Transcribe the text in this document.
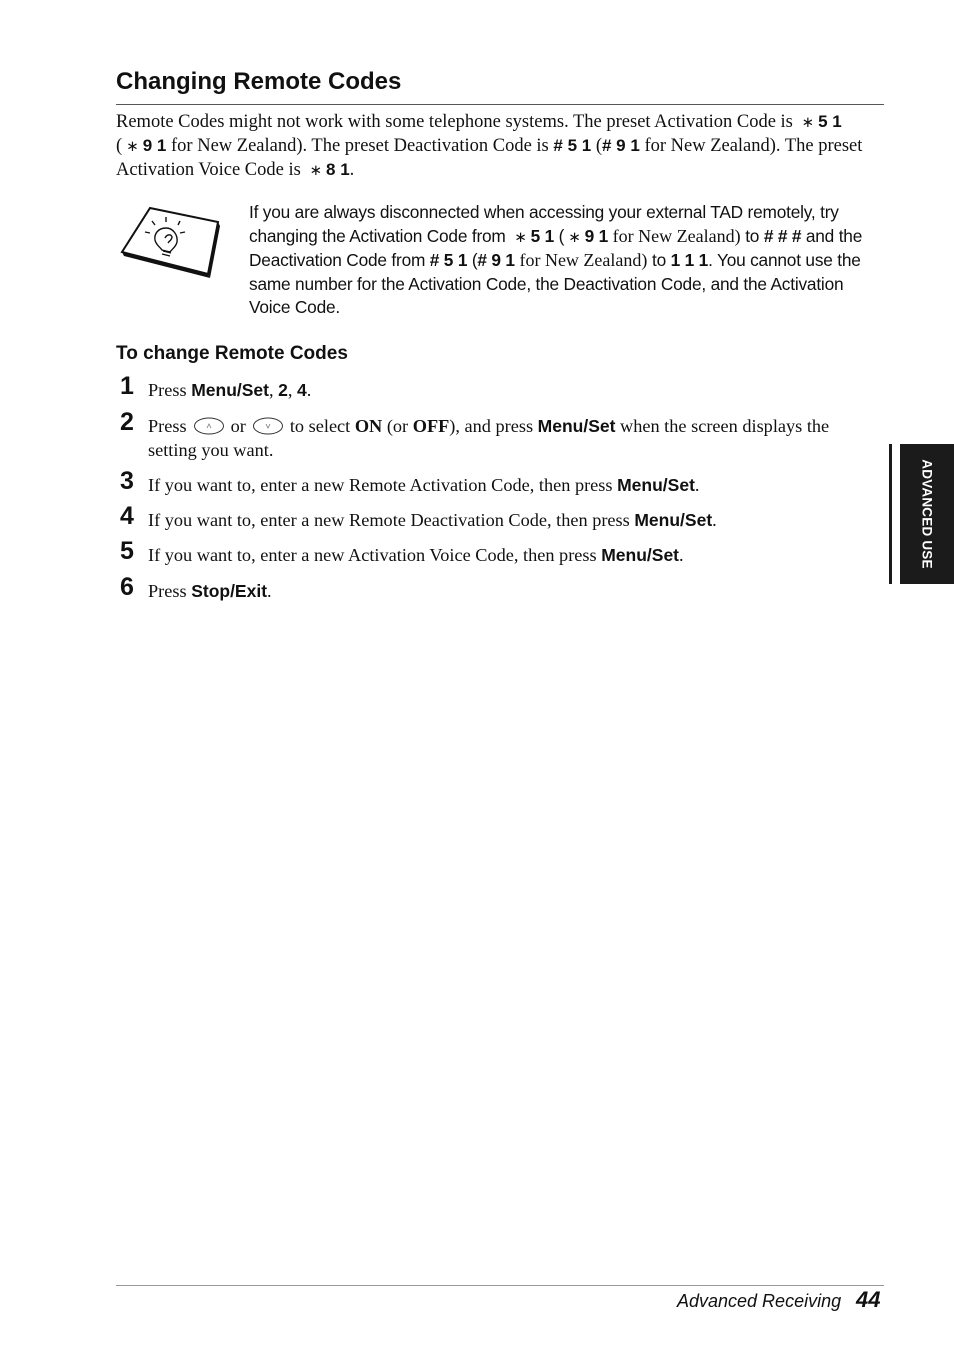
Changing Remote Codes
Remote Codes might not work with some telephone systems. The preset Activation Code is ∗ 5 1
( ∗ 9 1 for New Zealand). The preset Deactivation Code is # 5 1 (# 9 1 for New Zealand). The preset Activation Voice Code is ∗ 8 1.
If you are always disconnected when accessing your external TAD remotely, try changing the Activation Code from ∗ 5 1 ( ∗ 9 1 for New Zealand) to # # # and the Deactivation Code from # 5 1 (# 9 1 for New Zealand) to 1 1 1. You cannot use the same number for the Activation Code, the Deactivation Code, and the Activation Voice Code.
To change Remote Codes
1 Press Menu/Set, 2, 4.
2 Press or to select ON (or OFF), and press Menu/Set when the screen displays the setting you want.
3 If you want to, enter a new Remote Activation Code, then press Menu/Set.
4 If you want to, enter a new Remote Deactivation Code, then press Menu/Set.
5 If you want to, enter a new Activation Voice Code, then press Menu/Set.
6 Press Stop/Exit.
ADVANCED USE
Advanced Receiving 44
